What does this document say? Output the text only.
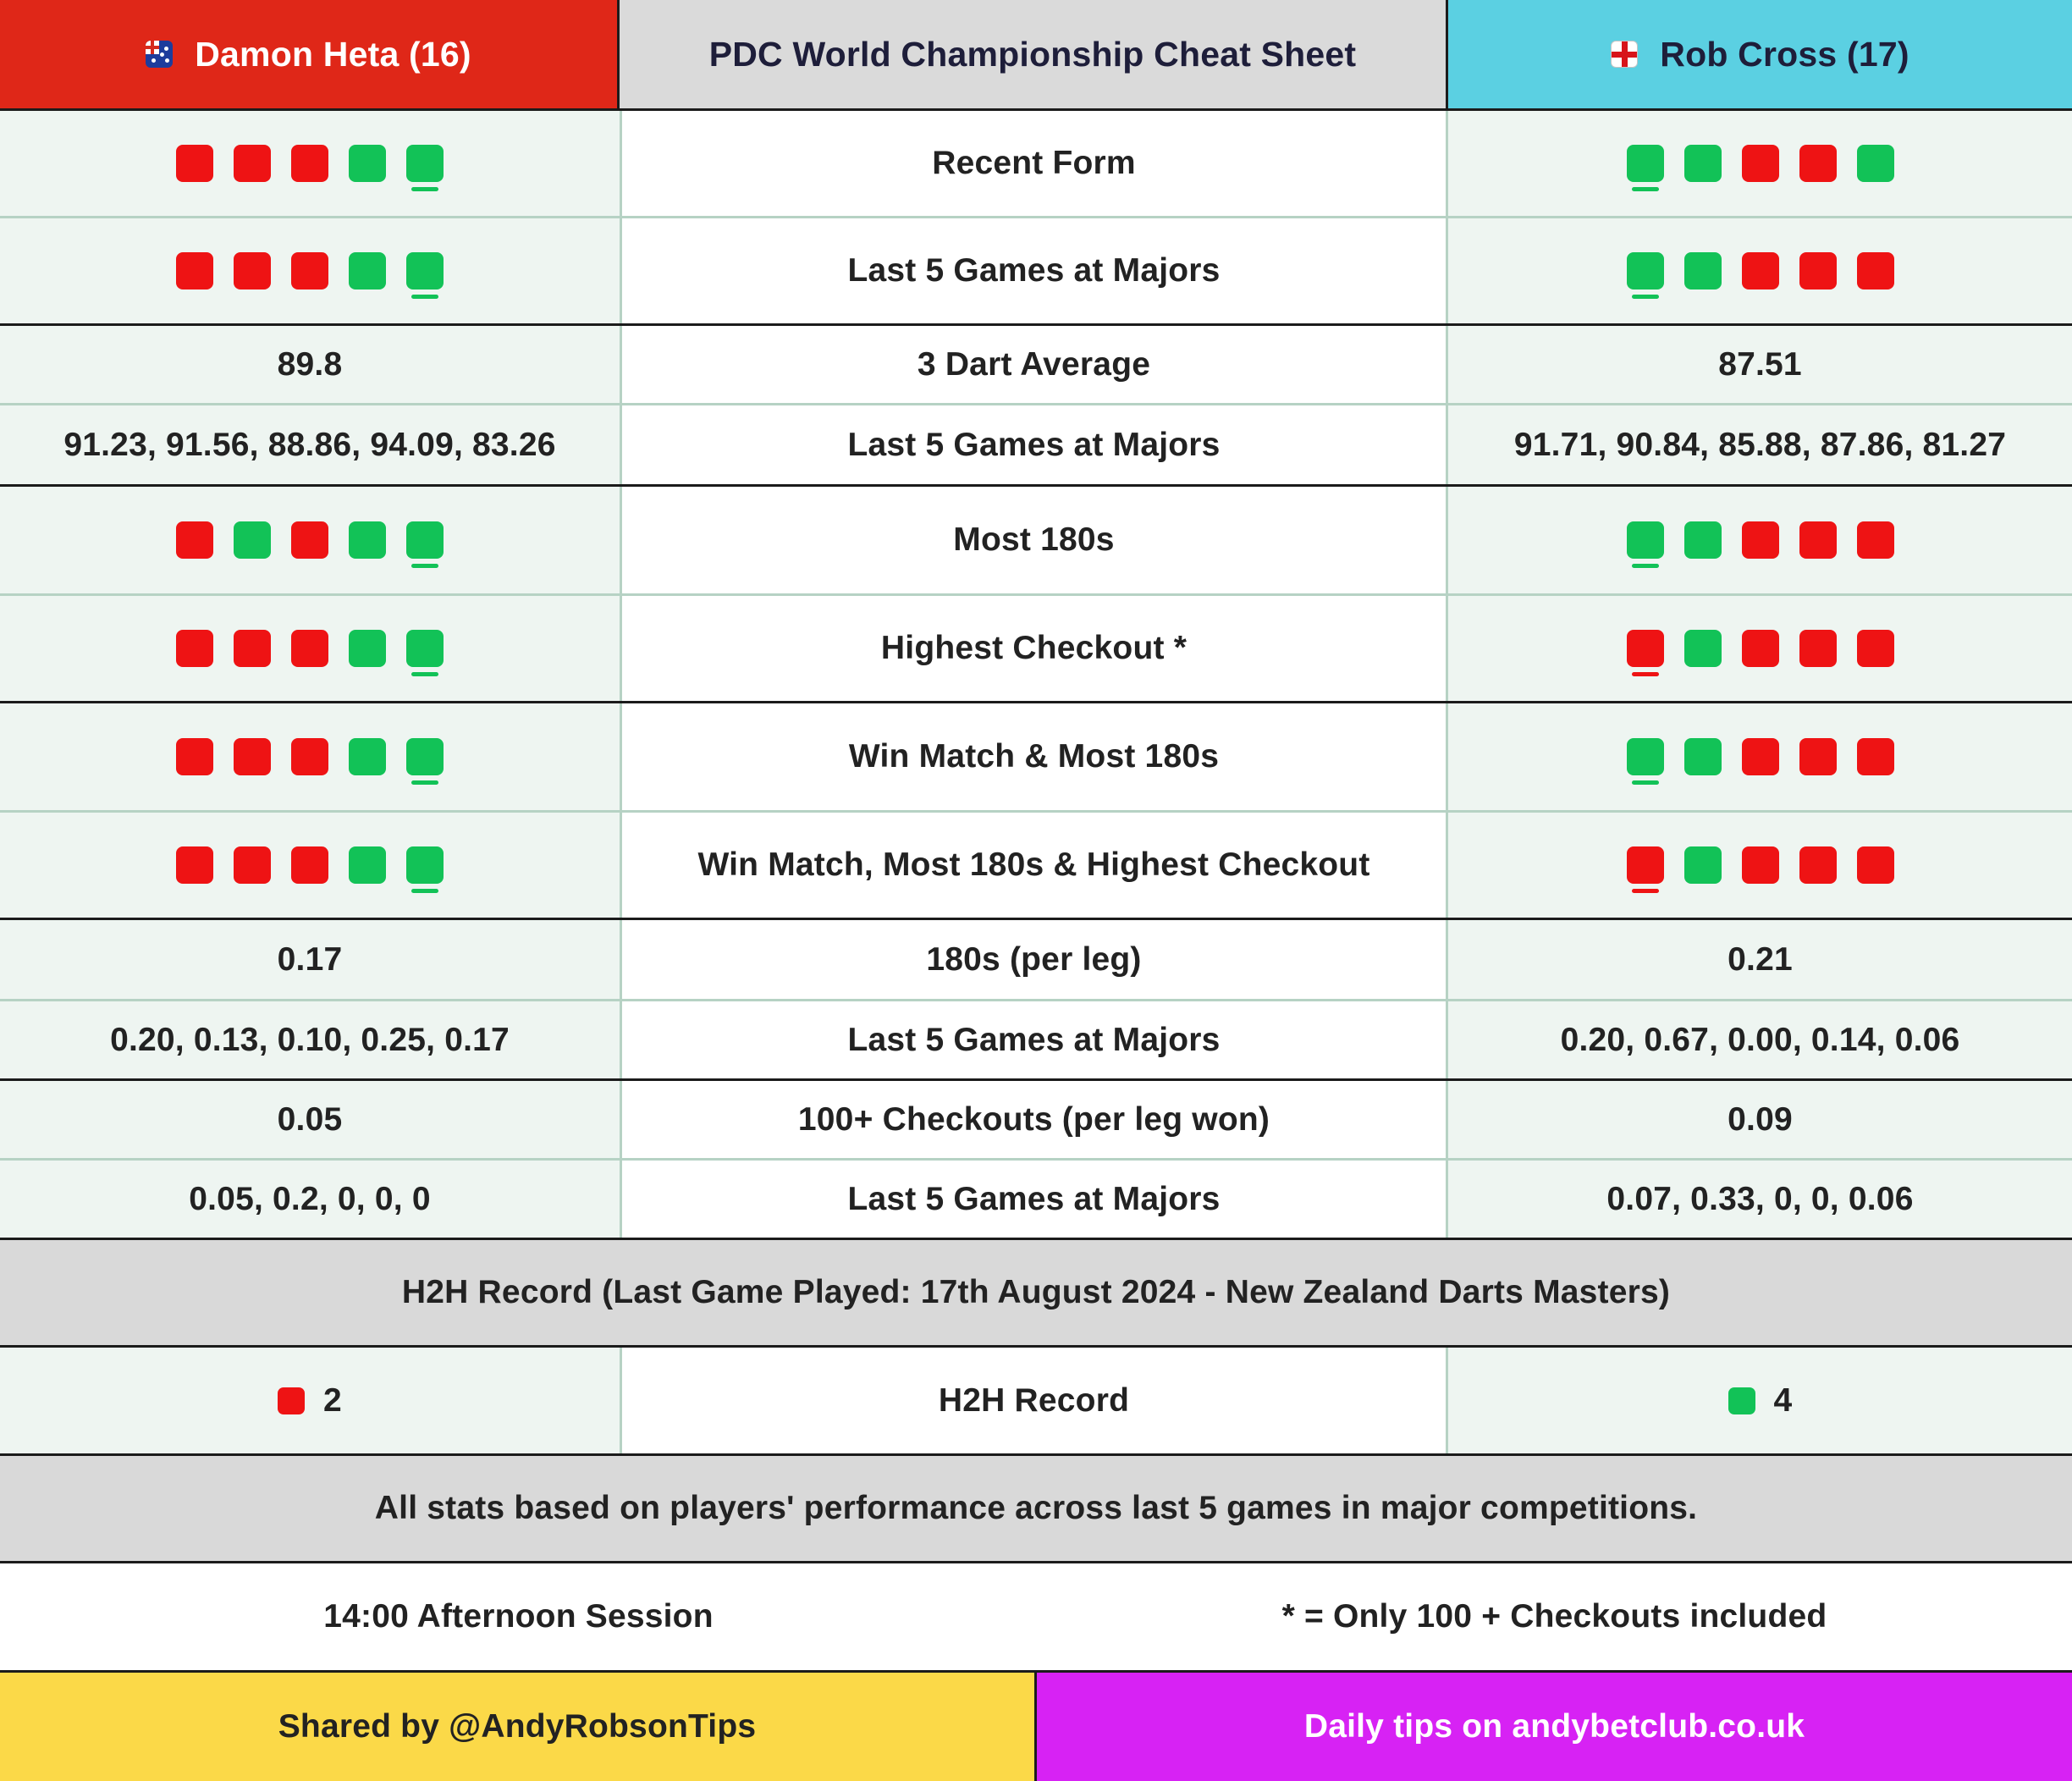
Damon Heta (16)	PDC World Championship Cheat Sheet	Rob Cross (17)
Recent Form
Last 5 Games at Majors
89.8	3 Dart Average	87.51
91.23, 91.56, 88.86, 94.09, 83.26	Last 5 Games at Majors	91.71, 90.84, 85.88, 87.86, 81.27
Most 180s
Highest Checkout *
Win Match & Most 180s
Win Match, Most 180s & Highest Checkout
0.17	180s (per leg)	0.21
0.20, 0.13, 0.10, 0.25, 0.17	Last 5 Games at Majors	0.20, 0.67, 0.00, 0.14, 0.06
0.05	100+ Checkouts (per leg won)	0.09
0.05, 0.2, 0, 0, 0	Last 5 Games at Majors	0.07, 0.33, 0, 0, 0.06
H2H Record (Last Game Played: 17th August 2024 - New Zealand Darts Masters)
2	H2H Record	4
All stats based on players' performance across last 5 games in major competitions.
14:00 Afternoon Session	* = Only 100 + Checkouts included
Shared by @AndyRobsonTips	Daily tips on andybetclub.co.uk
